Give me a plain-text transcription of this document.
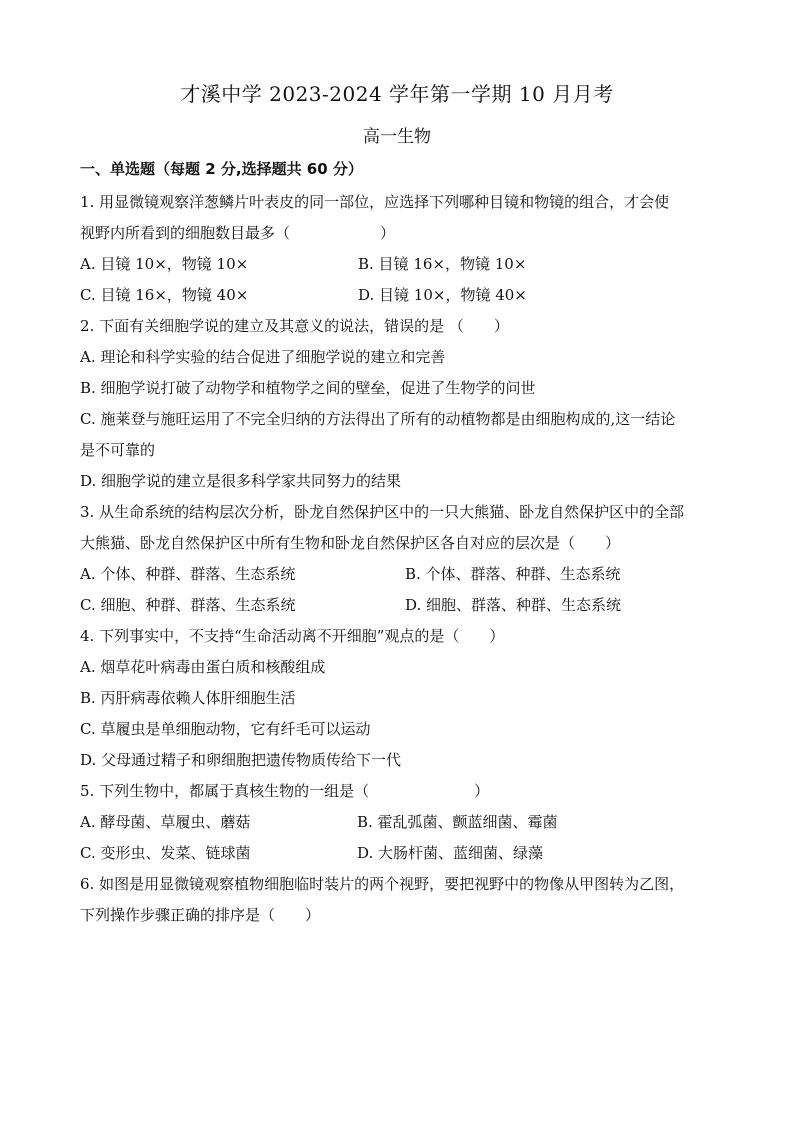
才溪中学 2023-2024 学年第一学期 10 月月考
高一生物
一、单选题（每题 2 分,选择题共 60 分）
1. 用显微镜观察洋葱鳞片叶表皮的同一部位，应选择下列哪种目镜和物镜的组合，才会使
视野内所看到的细胞数目最多（　　　　　　）
A. 目镜 10×，物镜 10×	B. 目镜 16×，物镜 10×
C. 目镜 16×，物镜 40×	D. 目镜 10×，物镜 40×
2. 下面有关细胞学说的建立及其意义的说法，错误的是 （　　）
A. 理论和科学实验的结合促进了细胞学说的建立和完善
B. 细胞学说打破了动物学和植物学之间的壁垒，促进了生物学的问世
C. 施莱登与施旺运用了不完全归纳的方法得出了所有的动植物都是由细胞构成的,这一结论
是不可靠的
D. 细胞学说的建立是很多科学家共同努力的结果
3. 从生命系统的结构层次分析，卧龙自然保护区中的一只大熊猫、卧龙自然保护区中的全部
大熊猫、卧龙自然保护区中所有生物和卧龙自然保护区各自对应的层次是（　　）
A. 个体、种群、群落、生态系统	B. 个体、群落、种群、生态系统
C. 细胞、种群、群落、生态系统	D. 细胞、群落、种群、生态系统
4. 下列事实中，不支持“生命活动离不开细胞”观点的是（　　）
A. 烟草花叶病毒由蛋白质和核酸组成
B. 丙肝病毒依赖人体肝细胞生活
C. 草履虫是单细胞动物，它有纤毛可以运动
D. 父母通过精子和卵细胞把遗传物质传给下一代
5. 下列生物中，都属于真核生物的一组是（　　　　　　　）
A. 酵母菌、草履虫、蘑菇	B. 霍乱弧菌、颤蓝细菌、霉菌
C. 变形虫、发菜、链球菌	D. 大肠杆菌、蓝细菌、绿藻
6. 如图是用显微镜观察植物细胞临时装片的两个视野，要把视野中的物像从甲图转为乙图，
下列操作步骤正确的排序是（　　）
